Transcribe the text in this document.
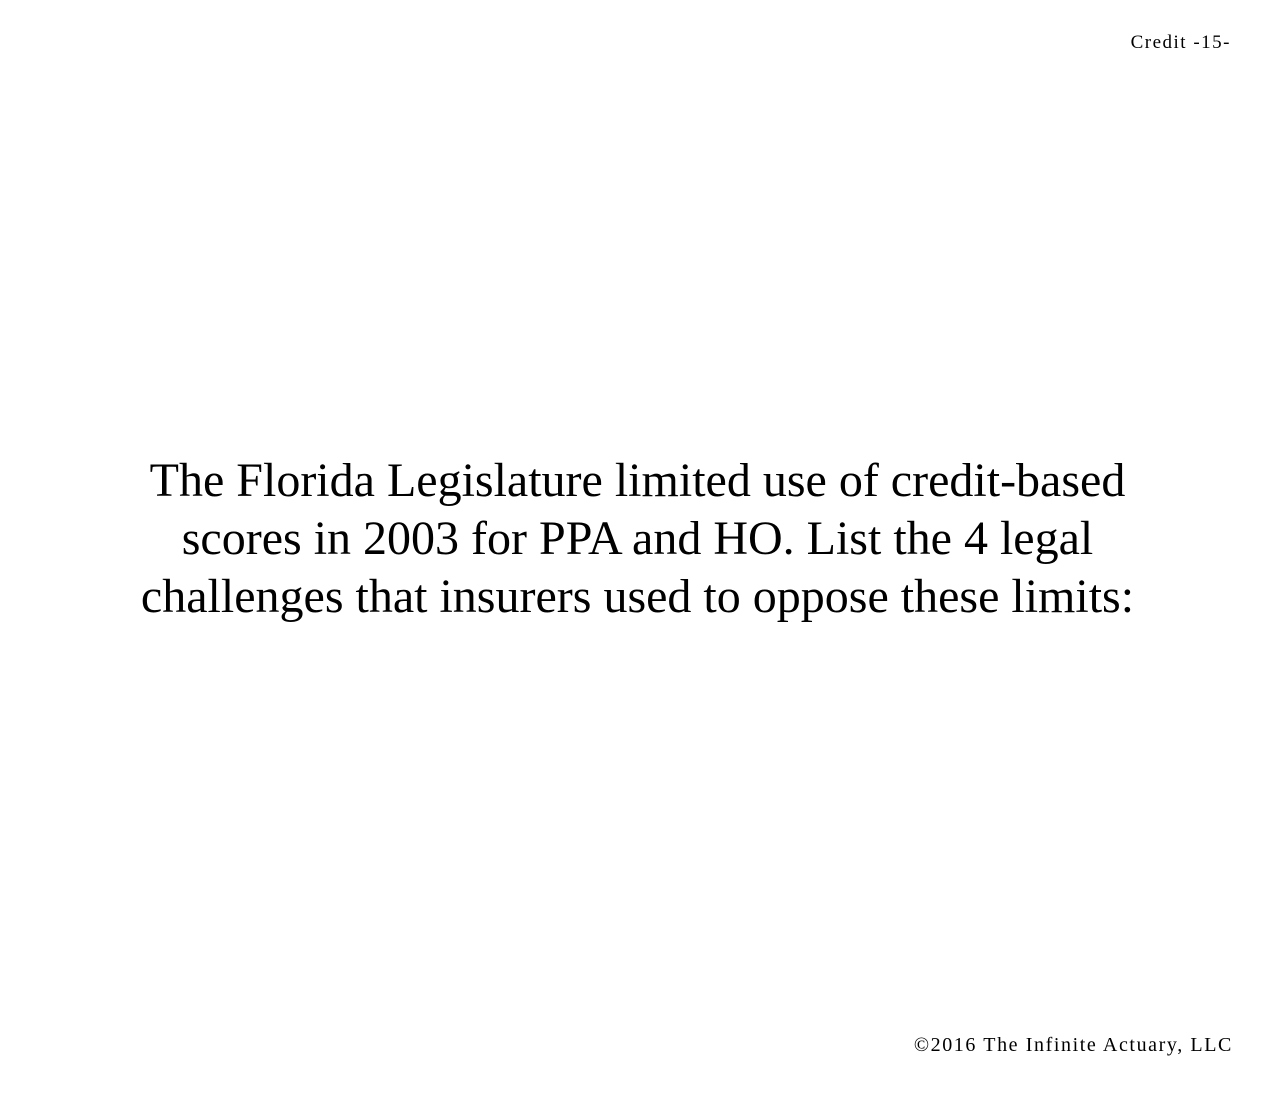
Credit -15-
The Florida Legislature limited use of credit-based
scores in 2003 for PPA and HO. List the 4 legal
challenges that insurers used to oppose these limits:
©2016 The Infinite Actuary, LLC
